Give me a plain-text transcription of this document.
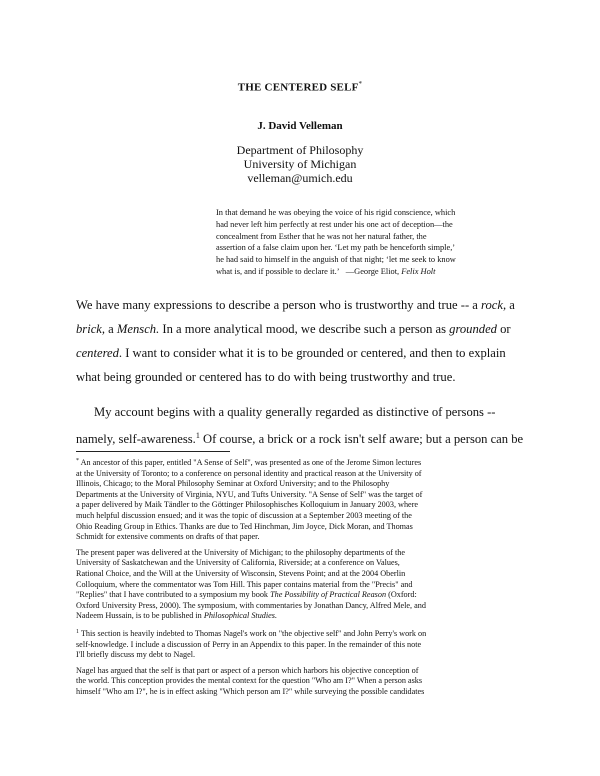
THE CENTERED SELF*
J. David Velleman
Department of Philosophy
University of Michigan
velleman@umich.edu
In that demand he was obeying the voice of his rigid conscience, which
had never left him perfectly at rest under his one act of deception—the
concealment from Esther that he was not her natural father, the
assertion of a false claim upon her. ‘Let my path be henceforth simple,’
he had said to himself in the anguish of that night; ‘let me seek to know
what is, and if possible to declare it.’ —George Eliot, Felix Holt
We have many expressions to describe a person who is trustworthy and true -- a rock, a
brick, a Mensch. In a more analytical mood, we describe such a person as grounded or
centered. I want to consider what it is to be grounded or centered, and then to explain
what being grounded or centered has to do with being trustworthy and true.
My account begins with a quality generally regarded as distinctive of persons --
namely, self-awareness.$^1$ Of course, a brick or a rock isn't self aware; but a person can be
* An ancestor of this paper, entitled "A Sense of Self", was presented as one of the Jerome Simon lectures
at the University of Toronto; to a conference on personal identity and practical reason at the University of
Illinois, Chicago; to the Moral Philosophy Seminar at Oxford University; and to the Philosophy
Departments at the University of Virginia, NYU, and Tufts University. "A Sense of Self" was the target of
a paper delivered by Maik Tändler to the Göttinger Philosophisches Kolloquium in January 2003, where
much helpful discussion ensued; and it was the topic of discussion at a September 2003 meeting of the
Ohio Reading Group in Ethics. Thanks are due to Ted Hinchman, Jim Joyce, Dick Moran, and Thomas
Schmidt for extensive comments on drafts of that paper.
The present paper was delivered at the University of Michigan; to the philosophy departments of the
University of Saskatchewan and the University of California, Riverside; at a conference on Values,
Rational Choice, and the Will at the University of Wisconsin, Stevens Point; and at the 2004 Oberlin
Colloquium, where the commentator was Tom Hill. This paper contains material from the "Precis" and
"Replies" that I have contributed to a symposium my book The Possibility of Practical Reason (Oxford:
Oxford University Press, 2000). The symposium, with commentaries by Jonathan Dancy, Alfred Mele, and
Nadeem Hussain, is to be published in Philosophical Studies.
$^1$ This section is heavily indebted to Thomas Nagel's work on "the objective self" and John Perry's work on
self-knowledge. I include a discussion of Perry in an Appendix to this paper. In the remainder of this note
I'll briefly discuss my debt to Nagel.
Nagel has argued that the self is that part or aspect of a person which harbors his objective conception of
the world. This conception provides the mental context for the question "Who am I?" When a person asks
himself "Who am I?", he is in effect asking "Which person am I?" while surveying the possible candidates
